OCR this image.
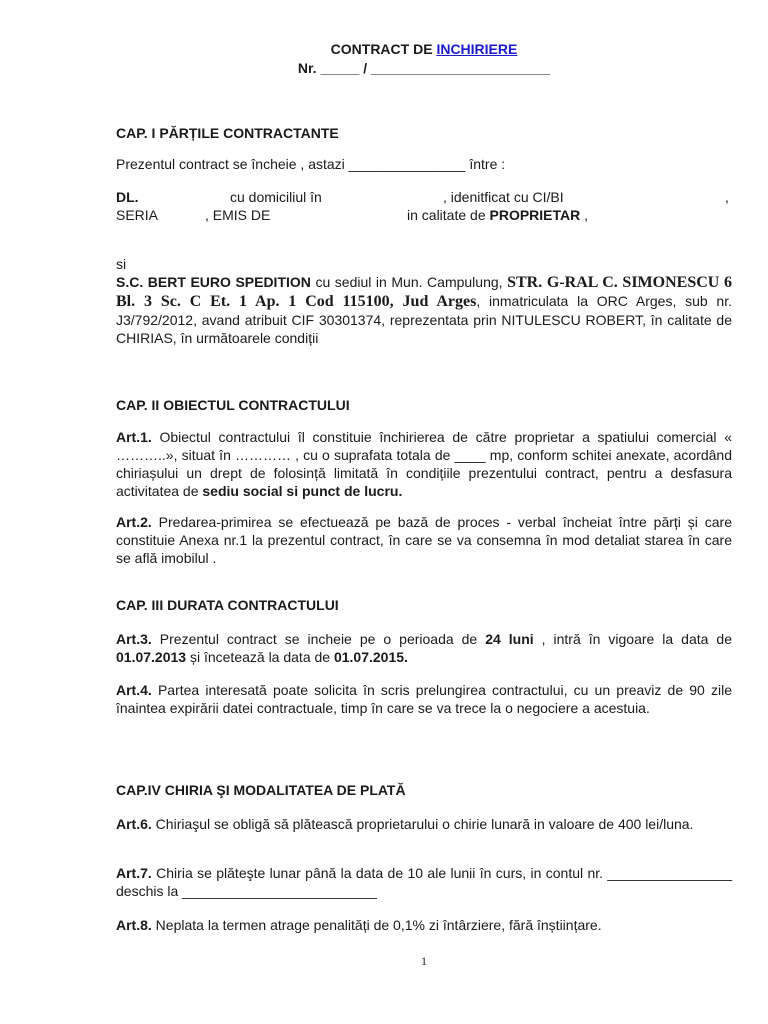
CONTRACT DE INCHIRIERE
Nr. _____ / _______________________
CAP. I PĂRȚILE CONTRACTANTE
Prezentul contract se încheie , astazi _______________ între :
DL.	cu domiciliul în	, idenitficat cu CI/BI	,
SERIA	, EMIS DE	in calitate de PROPRIETAR ,
si
S.C. BERT EURO SPEDITION cu sediul in Mun. Campulung, STR. G-RAL C. SIMONESCU 6 Bl. 3 Sc. C Et. 1 Ap. 1 Cod 115100, Jud Arges, inmatriculata la ORC Arges, sub nr. J3/792/2012, avand atribuit CIF 30301374, reprezentata prin NITULESCU ROBERT, în calitate de CHIRIAS, în următoarele condiții
CAP. II OBIECTUL CONTRACTULUI
Art.1. Obiectul contractului îl constituie închirierea de către proprietar a spatiului comercial « ………..», situat în ………… , cu o suprafata totala de ____ mp, conform schitei anexate, acordând chiriașului un drept de folosință limitată în condițiile prezentului contract, pentru a desfasura activitatea de sediu social si punct de lucru.
Art.2. Predarea-primirea se efectuează pe bază de proces - verbal încheiat între părți și care constituie Anexa nr.1 la prezentul contract, în care se va consemna în mod detaliat starea în care se află imobilul .
CAP. III DURATA CONTRACTULUI
Art.3. Prezentul contract se incheie pe o perioada de 24 luni , intră în vigoare la data de 01.07.2013 și încetează la data de 01.07.2015.
Art.4. Partea interesată poate solicita în scris prelungirea contractului, cu un preaviz de 90 zile înaintea expirării datei contractuale, timp în care se va trece la o negociere a acestuia.
CAP.IV CHIRIA ŞI MODALITATEA DE PLATĂ
Art.6. Chiriaşul se obligă să plătească proprietarului o chirie lunară in valoare de 400 lei/luna.
Art.7. Chiria se plăteşte lunar până la data de 10 ale lunii în curs, in contul nr. ________________ deschis la _________________________
Art.8. Neplata la termen atrage penalități de 0,1% zi întârziere, fără înștiințare.
1
